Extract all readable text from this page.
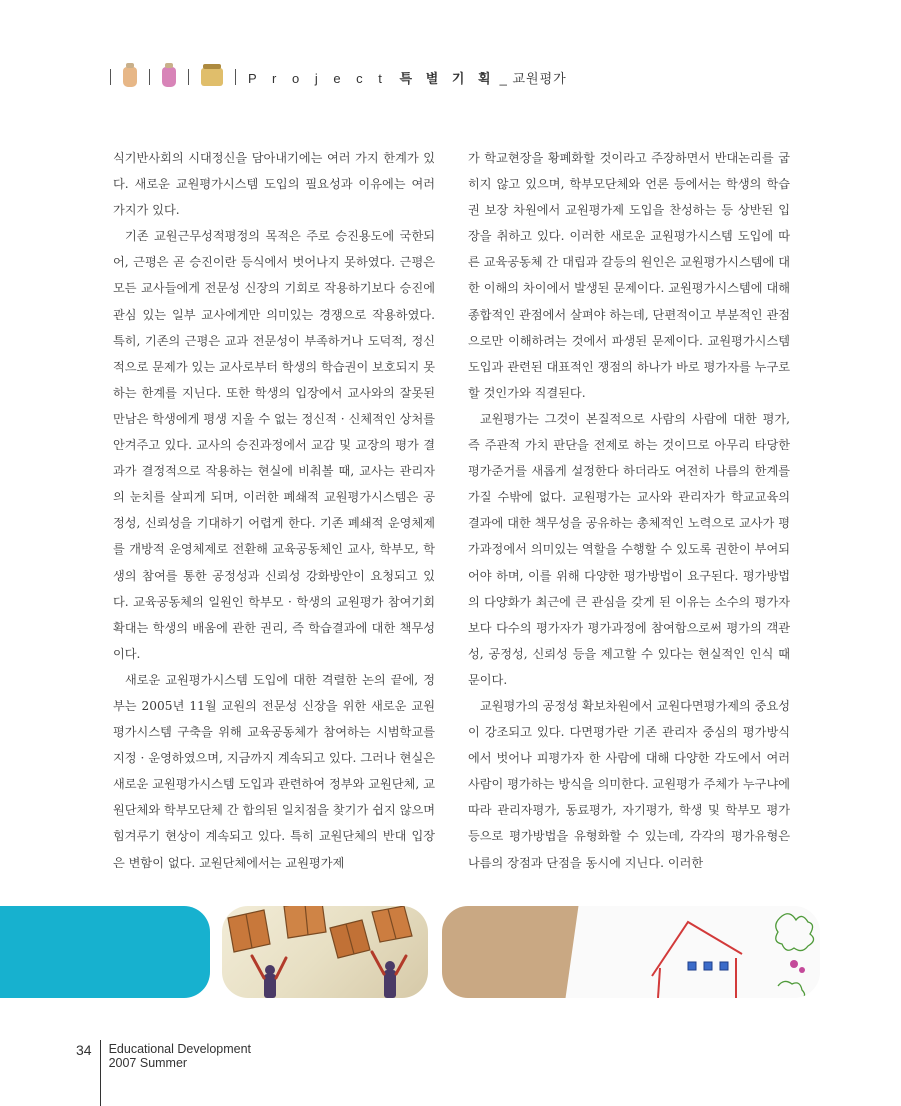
P r o j e c t 특 별 기 획 _ 교원평가

식기반사회의 시대정신을 담아내기에는 여러 가지 한계가 있다. 새로운 교원평가시스템 도입의 필요성과 이유에는 여러 가지가 있다.

기존 교원근무성적평정의 목적은 주로 승진용도에 국한되어, 근평은 곧 승진이란 등식에서 벗어나지 못하였다. 근평은 모든 교사들에게 전문성 신장의 기회로 작용하기보다 승진에 관심 있는 일부 교사에게만 의미있는 경쟁으로 작용하였다. 특히, 기존의 근평은 교과 전문성이 부족하거나 도덕적, 정신적으로 문제가 있는 교사로부터 학생의 학습권이 보호되지 못하는 한계를 지닌다. 또한 학생의 입장에서 교사와의 잘못된 만남은 학생에게 평생 지울 수 없는 정신적 · 신체적인 상처를 안겨주고 있다. 교사의 승진과정에서 교감 및 교장의 평가 결과가 결정적으로 작용하는 현실에 비춰볼 때, 교사는 관리자의 눈치를 살피게 되며, 이러한 폐쇄적 교원평가시스템은 공정성, 신뢰성을 기대하기 어렵게 한다. 기존 폐쇄적 운영체제를 개방적 운영체제로 전환해 교육공동체인 교사, 학부모, 학생의 참여를 통한 공정성과 신뢰성 강화방안이 요청되고 있다. 교육공동체의 일원인 학부모 · 학생의 교원평가 참여기회 확대는 학생의 배움에 관한 권리, 즉 학습결과에 대한 책무성이다.

새로운 교원평가시스템 도입에 대한 격렬한 논의 끝에, 정부는 2005년 11월 교원의 전문성 신장을 위한 새로운 교원평가시스템 구축을 위해 교육공동체가 참여하는 시범학교를 지정 · 운영하였으며, 지금까지 계속되고 있다. 그러나 현실은 새로운 교원평가시스템 도입과 관련하여 정부와 교원단체, 교원단체와 학부모단체 간 합의된 일치점을 찾기가 쉽지 않으며 힘겨루기 현상이 계속되고 있다. 특히 교원단체의 반대 입장은 변함이 없다. 교원단체에서는 교원평가제

가 학교현장을 황폐화할 것이라고 주장하면서 반대논리를 굽히지 않고 있으며, 학부모단체와 언론 등에서는 학생의 학습권 보장 차원에서 교원평가제 도입을 찬성하는 등 상반된 입장을 취하고 있다. 이러한 새로운 교원평가시스템 도입에 따른 교육공동체 간 대립과 갈등의 원인은 교원평가시스템에 대한 이해의 차이에서 발생된 문제이다. 교원평가시스템에 대해 종합적인 관점에서 살펴야 하는데, 단편적이고 부분적인 관점으로만 이해하려는 것에서 파생된 문제이다. 교원평가시스템 도입과 관련된 대표적인 쟁점의 하나가 바로 평가자를 누구로 할 것인가와 직결된다.

교원평가는 그것이 본질적으로 사람의 사람에 대한 평가, 즉 주관적 가치 판단을 전제로 하는 것이므로 아무리 타당한 평가준거를 새롭게 설정한다 하더라도 여전히 나름의 한계를 가질 수밖에 없다. 교원평가는 교사와 관리자가 학교교육의 결과에 대한 책무성을 공유하는 총체적인 노력으로 교사가 평가과정에서 의미있는 역할을 수행할 수 있도록 권한이 부여되어야 하며, 이를 위해 다양한 평가방법이 요구된다. 평가방법의 다양화가 최근에 큰 관심을 갖게 된 이유는 소수의 평가자보다 다수의 평가자가 평가과정에 참여함으로써 평가의 객관성, 공정성, 신뢰성 등을 제고할 수 있다는 현실적인 인식 때문이다.

교원평가의 공정성 확보차원에서 교원다면평가제의 중요성이 강조되고 있다. 다면평가란 기존 관리자 중심의 평가방식에서 벗어나 피평가자 한 사람에 대해 다양한 각도에서 여러 사람이 평가하는 방식을 의미한다. 교원평가 주체가 누구냐에 따라 관리자평가, 동료평가, 자기평가, 학생 및 학부모 평가 등으로 평가방법을 유형화할 수 있는데, 각각의 평가유형은 나름의 장점과 단점을 동시에 지닌다. 이러한

34 Educational Development
2007 Summer
